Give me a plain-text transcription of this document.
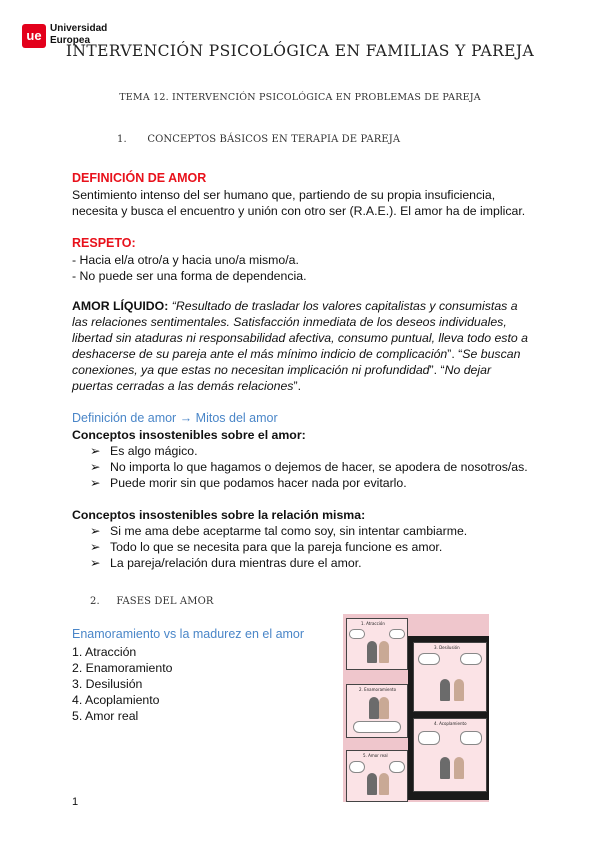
ue Universidad
Europea
INTERVENCIÓN PSICOLÓGICA EN FAMILIAS Y PAREJA
TEMA 12. INTERVENCIÓN PSICOLÓGICA EN PROBLEMAS DE PAREJA
1. CONCEPTOS BÁSICOS EN TERAPIA DE PAREJA
DEFINICIÓN DE AMOR
Sentimiento intenso del ser humano que, partiendo de su propia insuficiencia,
necesita y busca el encuentro y unión con otro ser (R.A.E.). El amor ha de implicar.
RESPETO:
- Hacia el/a otro/a y hacia uno/a mismo/a.
- No puede ser una forma de dependencia.
AMOR LÍQUIDO: “Resultado de trasladar los valores capitalistas y consumistas a
las relaciones sentimentales. Satisfacción inmediata de los deseos individuales,
libertad sin ataduras ni responsabilidad afectiva, consumo puntual, lleva todo esto a
deshacerse de su pareja ante el más mínimo indicio de complicación”. “Se buscan
conexiones, ya que estas no necesitan implicación ni profundidad”. “No dejar
puertas cerradas a las demás relaciones”.
Definición de amor → Mitos del amor
Conceptos insostenibles sobre el amor:
➢ Es algo mágico.
➢ No importa lo que hagamos o dejemos de hacer, se apodera de nosotros/as.
➢ Puede morir sin que podamos hacer nada por evitarlo.
Conceptos insostenibles sobre la relación misma:
➢ Si me ama debe aceptarme tal como soy, sin intentar cambiarme.
➢ Todo lo que se necesita para que la pareja funcione es amor.
➢ La pareja/relación dura mientras dure el amor.
2. FASES DEL AMOR
Enamoramiento vs la madurez en el amor
1. Atracción
2. Enamoramiento
3. Desilusión
4. Acoplamiento
5. Amor real
1. Atracción
2. Enamoramiento
5. Amor real
3. Desilusión
4. Acoplamiento
1
